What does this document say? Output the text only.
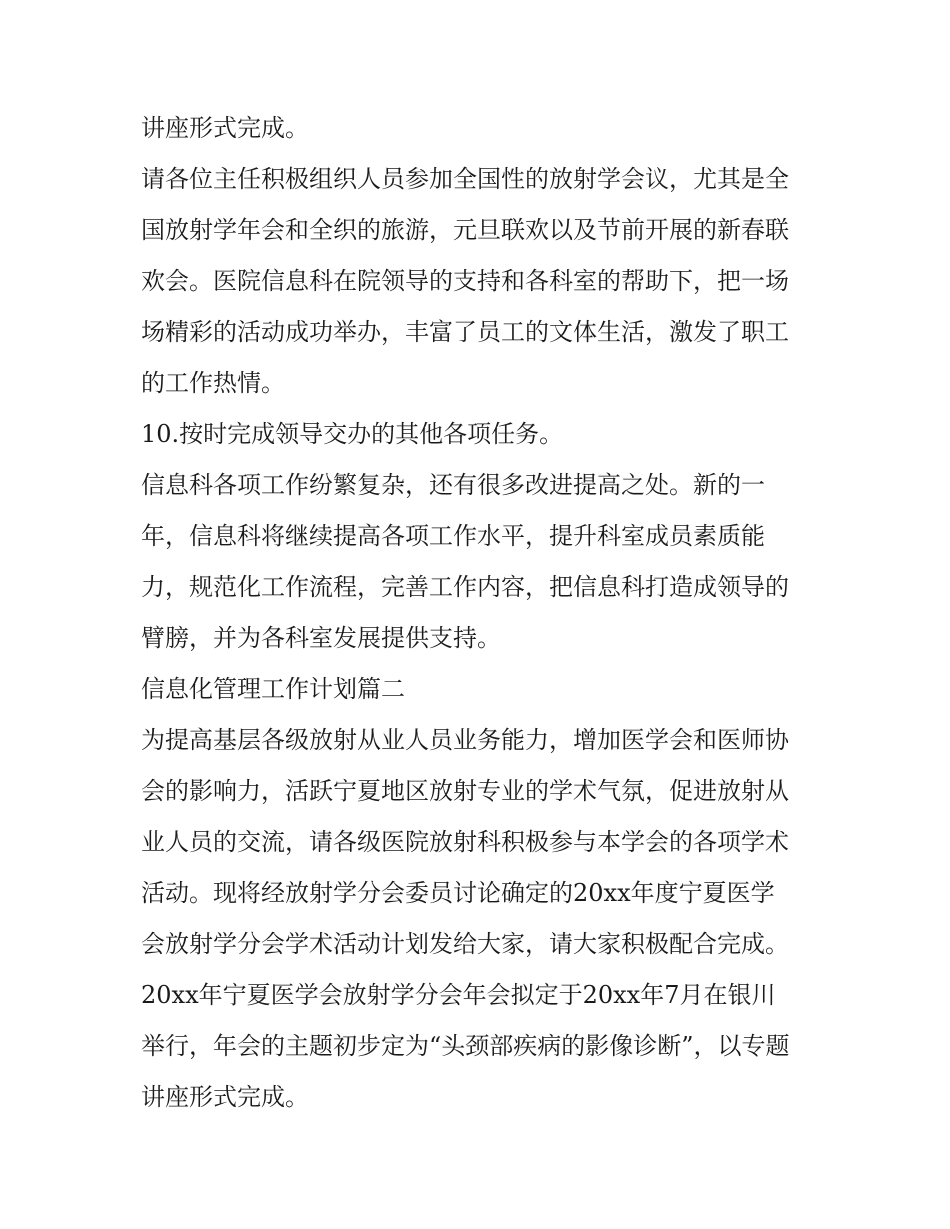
讲座形式完成。
请各位主任积极组织人员参加全国性的放射学会议，尤其是全
国放射学年会和全织的旅游，元旦联欢以及节前开展的新春联
欢会。医院信息科在院领导的支持和各科室的帮助下，把一场
场精彩的活动成功举办，丰富了员工的文体生活，激发了职工
的工作热情。
10.按时完成领导交办的其他各项任务。
信息科各项工作纷繁复杂，还有很多改进提高之处。新的一
年，信息科将继续提高各项工作水平，提升科室成员素质能
力，规范化工作流程，完善工作内容，把信息科打造成领导的
臂膀，并为各科室发展提供支持。
信息化管理工作计划篇二
为提高基层各级放射从业人员业务能力，增加医学会和医师协
会的影响力，活跃宁夏地区放射专业的学术气氛，促进放射从
业人员的交流，请各级医院放射科积极参与本学会的各项学术
活动。现将经放射学分会委员讨论确定的20xx年度宁夏医学
会放射学分会学术活动计划发给大家，请大家积极配合完成。
20xx年宁夏医学会放射学分会年会拟定于20xx年7月在银川
举行，年会的主题初步定为“头颈部疾病的影像诊断”，以专题
讲座形式完成。
